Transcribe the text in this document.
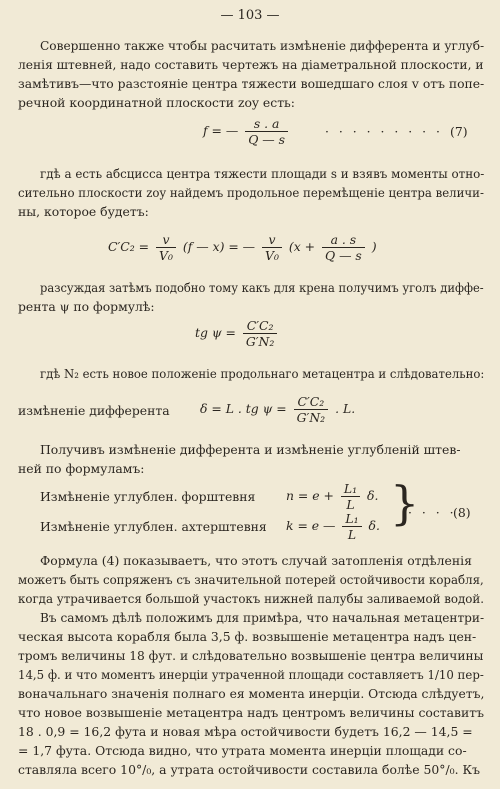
— 103 —
Совершенно также чтобы расчитать измѣненіе дифферента и углуб-
ленія штевней, надо составить чертежъ на діаметральной плоскости, и
замѣтивъ—что разстояніе центра тяжести вошедшаго слоя v отъ попе-
речной координатной плоскости zoy есть:
f = — $\frac{s . a}{Q — s}$	· · · · · · · · · (7)
гдѣ a есть абсцисса центра тяжести площади s и взявъ моменты отно-
сительно плоскости zoy найдемъ продольное перемѣщеніе центра величи-
ны, которое будетъ:
$C'C_2 = \frac{v}{\text{V₀}} (f$ — x) = — $\frac{v}{\text{V₀}} (x + \frac{a . s}{Q — s}$ )
разсуждая затѣмъ подобно тому какъ для крена получимъ уголъ диффе-
рента ψ по формулѣ:
tg $\psi = \frac{\text{C′C₂}}{\text{G′N₂}}$
гдѣ N₂ есть новое положеніе продольнаго метацентра и слѣдовательно:
измѣненіе дифферента δ = L . tg $\psi = \frac{\text{C′C₂}}{\text{G′N₂}}$ . L.
Получивъ измѣненіе дифферента и измѣненіе углубленій штев-
ней по формуламъ:
Измѣненіе углублен. форштевня $n = e + \frac{\text{L₁}}{L} \delta$.
Измѣненіе углублен. ахтерштевня k = e — $\frac{\text{L₁}}{L} \delta$. }
· · · ·
(8)
Формула (4) показываетъ, что этотъ случай затопленія отдѣленія
можетъ быть сопряженъ съ значительной потерей остойчивости корабля,
когда утрачивается большой участокъ нижней палубы заливаемой водой.
Въ самомъ дѣлѣ положимъ для примѣра, что начальная метацентри-
ческая высота корабля была 3,5 ф. возвышеніе метацентра надъ цен-
тромъ величины 18 фут. и слѣдовательно возвышеніе центра величины
14,5 ф. и что моментъ инерціи утраченной площади составляетъ 1/10 пер-
воначальнаго значенія полнаго ея момента инерціи. Отсюда слѣдуетъ,
что новое возвышеніе метацентра надъ центромъ величины составитъ
18 . 0,9 = 16,2 фута и новая мѣра остойчивости будетъ 16,2 — 14,5 =
= 1,7 фута. Отсюда видно, что утрата момента инерціи площади со-
ставляла всего 10°/₀, а утрата остойчивости составила болѣе 50°/₀. Къ
